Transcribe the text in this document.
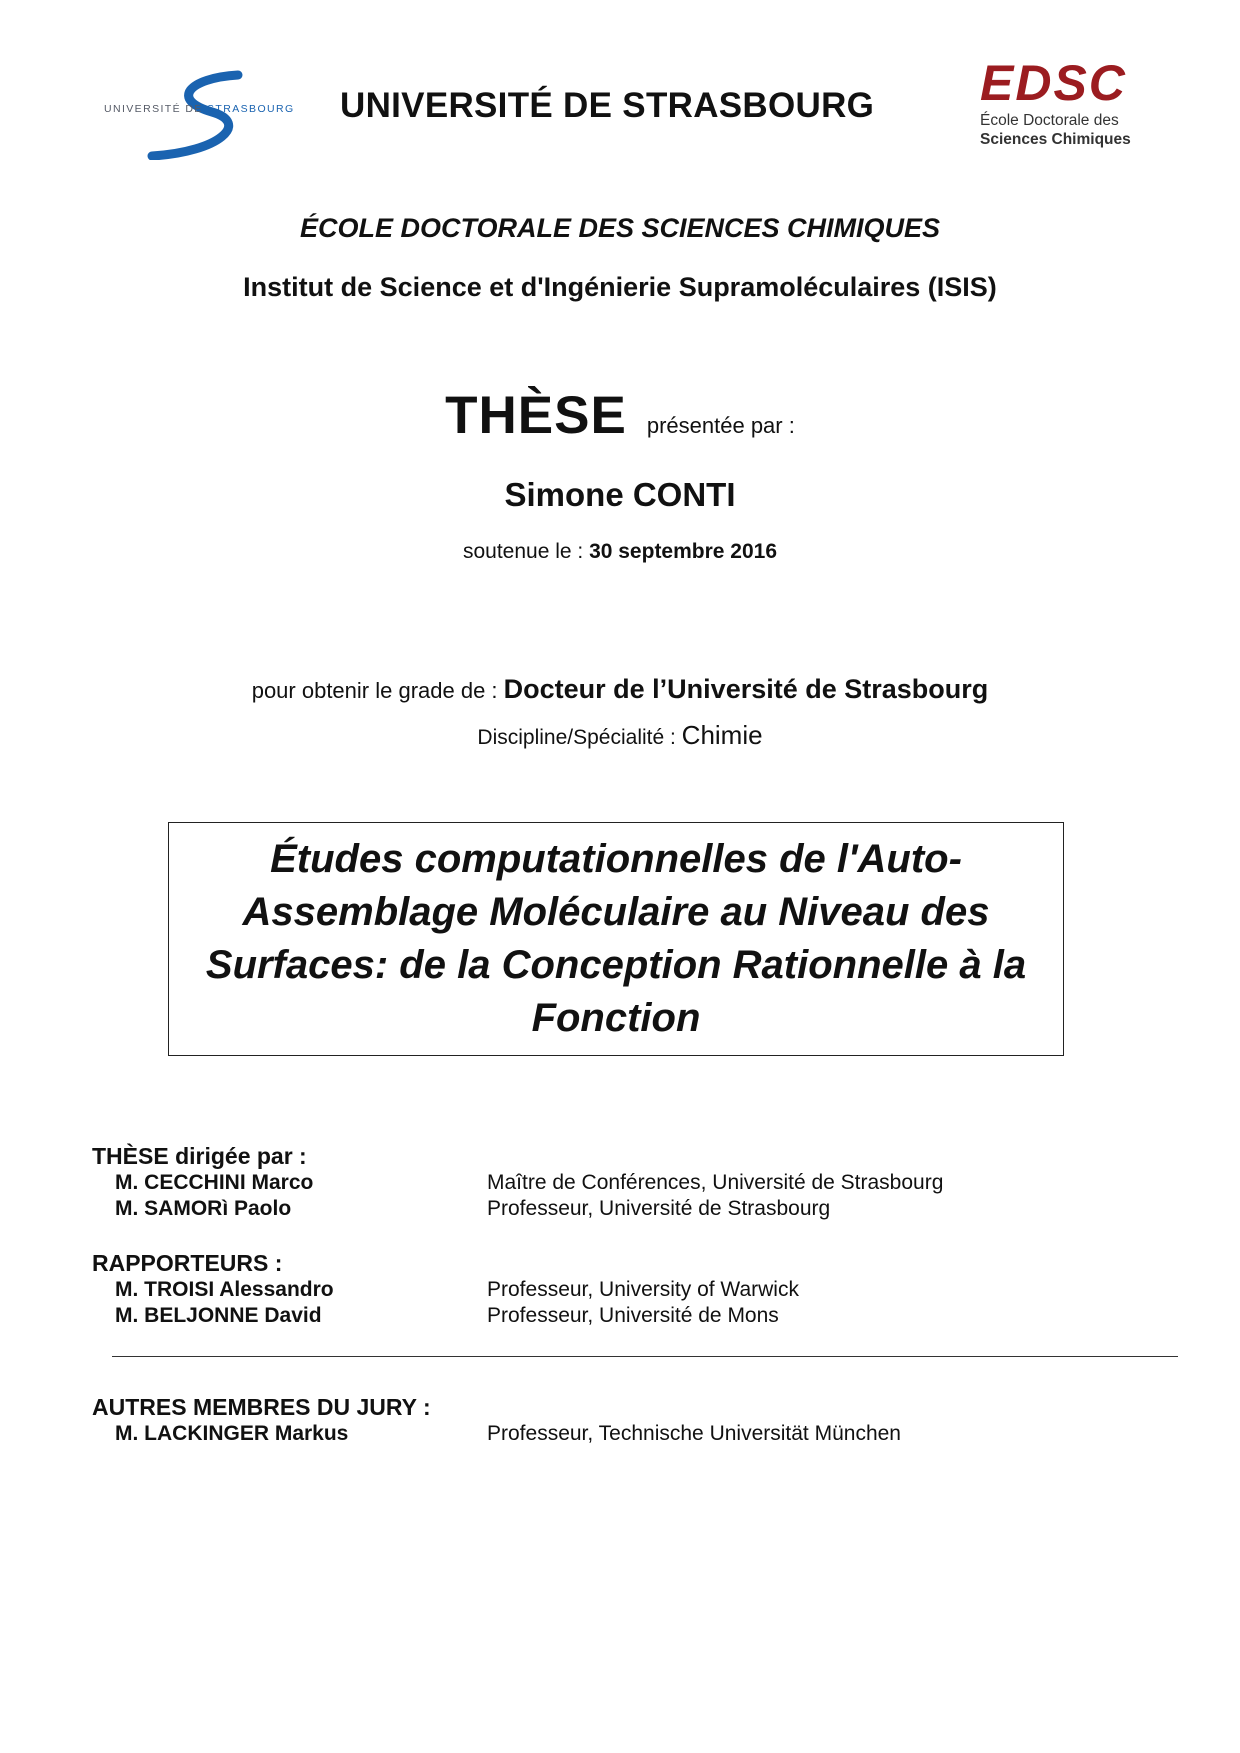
UNIVERSITÉ DE STRASBOURG UNIVERSITÉ DE STRASBOURG	EDSC
École Doctorale des
Sciences Chimiques
ÉCOLE DOCTORALE DES SCIENCES CHIMIQUES
Institut de Science et d'Ingénierie Supramoléculaires (ISIS)
THÈSE présentée par :
Simone CONTI
soutenue le : 30 septembre 2016
pour obtenir le grade de : Docteur de l’Université de Strasbourg
Discipline/Spécialité : Chimie
Études computationnelles de l'Auto-Assemblage Moléculaire au Niveau des Surfaces: de la Conception Rationnelle à la Fonction
THÈSE dirigée par :
M. CECCHINI Marco	Maître de Conférences, Université de Strasbourg
M. SAMORì Paolo	Professeur, Université de Strasbourg
RAPPORTEURS :
M. TROISI Alessandro	Professeur, University of Warwick
M. BELJONNE David	Professeur, Université de Mons
AUTRES MEMBRES DU JURY :
M. LACKINGER Markus	Professeur, Technische Universität München
